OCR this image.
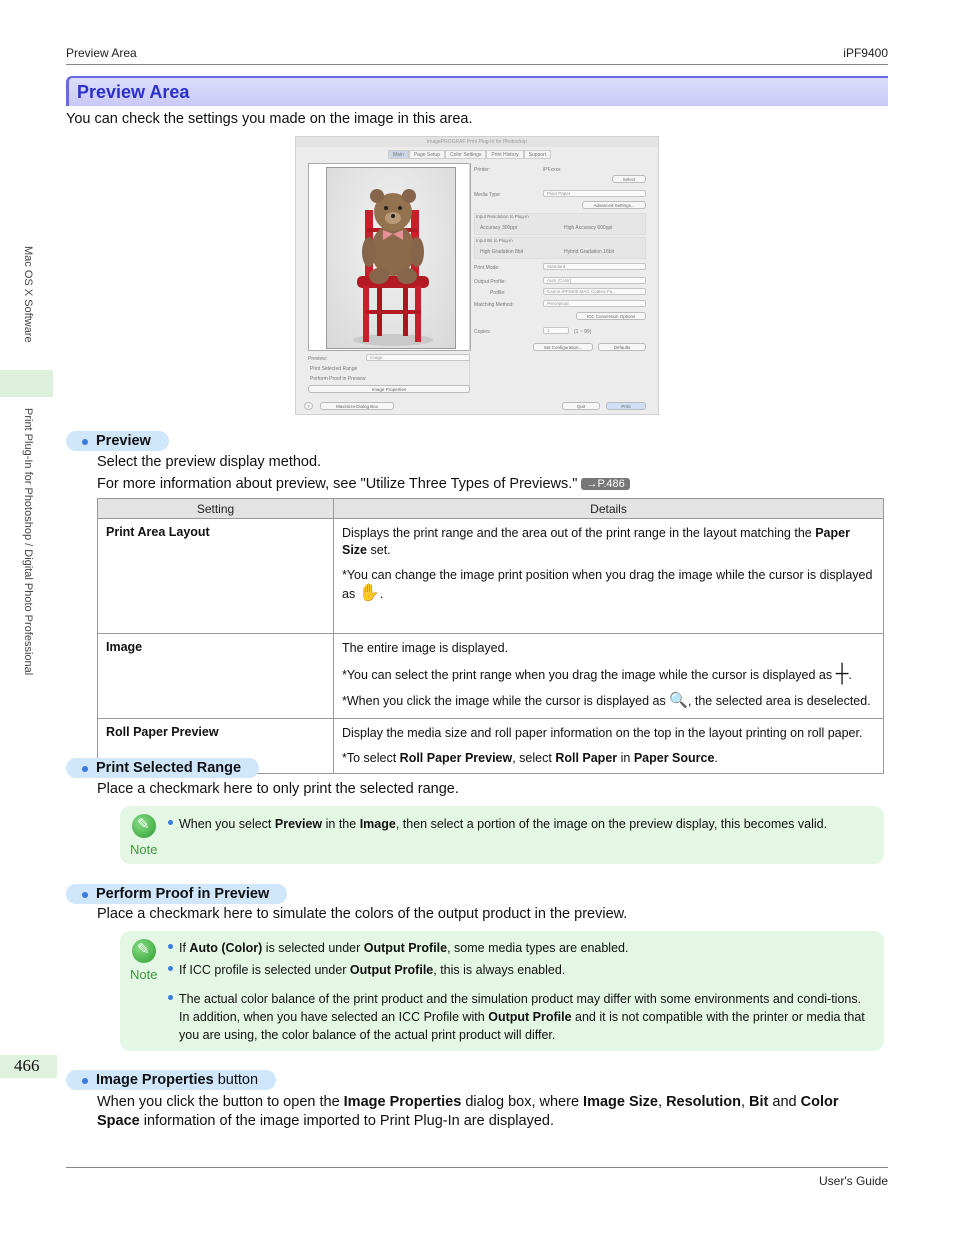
Preview Area	iPF9400
Mac OS X Software
Print Plug-In for Photoshop / Digital Photo Professional
466
Preview Area
You can check the settings you made on the image in this area.
imagePROGRAF Print Plug-In for Photoshop
Main	Page Setup	Color Settings	Print History	Support
Printer:	iPFxxxx
Select
Media Type:	Plain Paper
Advanced Settings...
Input Resolution to Plug-in
Accuracy 300ppi	High Accuracy 600ppi
Input Bit to Plug-in
High Gradation 8bit	Hybrid Gradation 16bit
Print Mode:	Standard
Output Profile:	Auto (Color)
Profile:	Canon iPF9400 MAG Coated Pa...
Matching Method:	Perceptual
ICC Conversion Options
Copies:	1	(1 ~ 99)
Set Configuration...	Defaults
Preview:	Image
Print Selected Range
Perform Proof in Preview
Image Properties
?	Maximize Dialog Box	Quit	Print
Preview
Select the preview display method.
For more information about preview, see "Utilize Three Types of Previews." →P.486
Setting	Details
Print Area Layout	Displays the print range and the area out of the print range in the layout matching the Paper Size set.

*You can change the image print position when you drag the image while the cursor is displayed as ✋.

Image	The entire image is displayed.

*You can select the print range when you drag the image while the cursor is displayed as ┼.

*When you click the image while the cursor is displayed as 🔍, the selected area is deselected.

Roll Paper Preview	Display the media size and roll paper information on the top in the layout printing on roll paper.

*To select Roll Paper Preview, select Roll Paper in Paper Source.

Print Selected Range
Place a checkmark here to only print the selected range.
✎
Note
When you select Preview in the Image, then select a portion of the image on the preview display, this becomes valid.
Perform Proof in Preview
Place a checkmark here to simulate the colors of the output product in the preview.
✎
Note
If Auto (Color) is selected under Output Profile, some media types are enabled.
If ICC profile is selected under Output Profile, this is always enabled.
The actual color balance of the print product and the simulation product may differ with some environments and condi-tions. In addition, when you have selected an ICC Profile with Output Profile and it is not compatible with the printer or media that you are using, the color balance of the actual print product will differ.
Image Properties button
When you click the button to open the Image Properties dialog box, where Image Size, Resolution, Bit and Color Space information of the image imported to Print Plug-In are displayed.
User's Guide
